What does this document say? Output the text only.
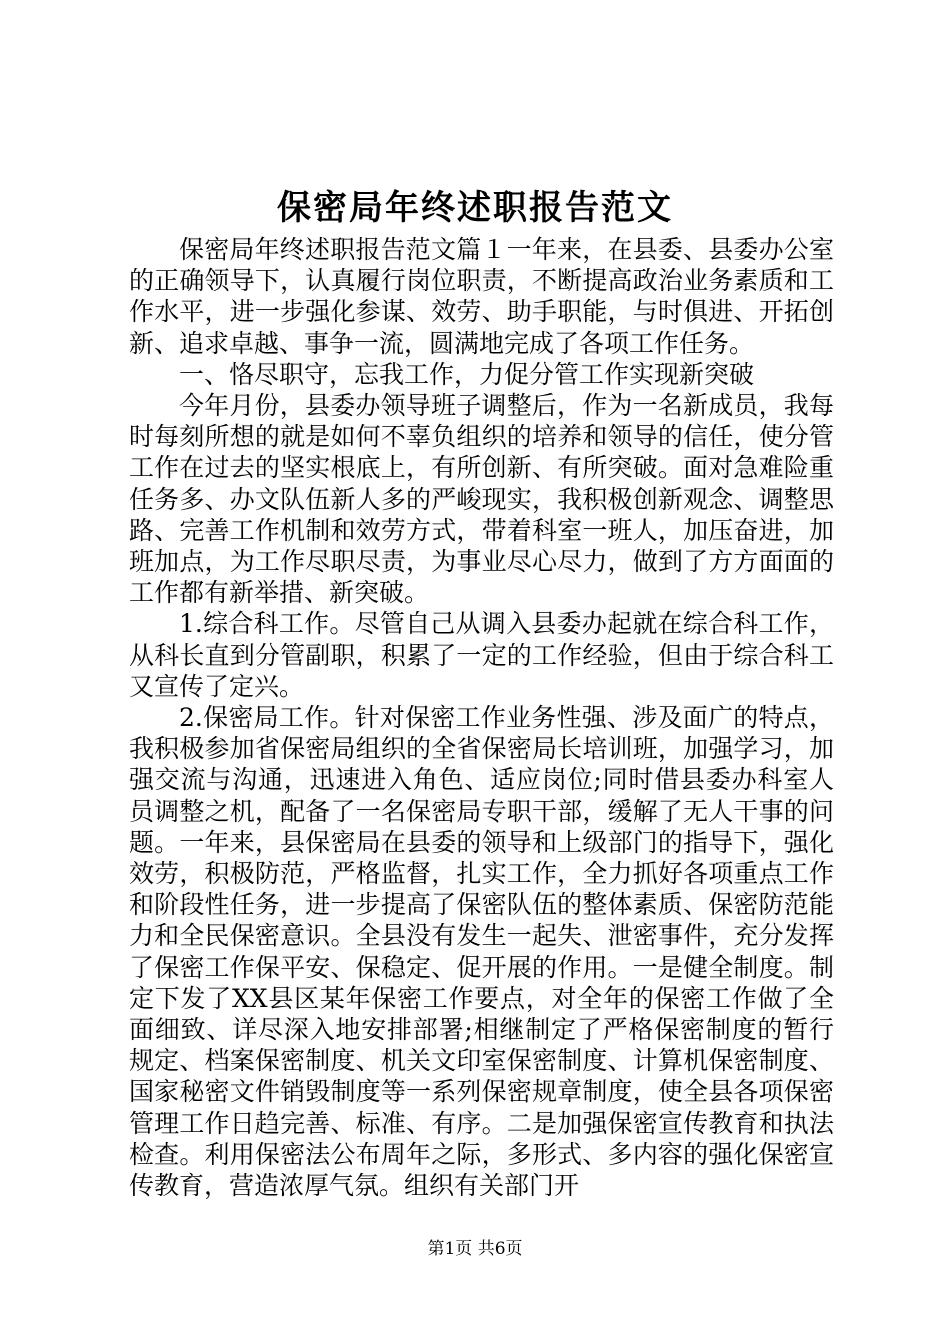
保密局年终述职报告范文

保密局年终述职报告范文篇１一年来，在县委、县委办公室的正确领导下，认真履行岗位职责，不断提高政治业务素质和工作水平，进一步强化参谋、效劳、助手职能，与时俱进、开拓创新、追求卓越、事争一流，圆满地完成了各项工作任务。

一、恪尽职守，忘我工作，力促分管工作实现新突破

今年月份，县委办领导班子调整后，作为一名新成员，我每时每刻所想的就是如何不辜负组织的培养和领导的信任，使分管工作在过去的坚实根底上，有所创新、有所突破。面对急难险重任务多、办文队伍新人多的严峻现实，我积极创新观念、调整思路、完善工作机制和效劳方式，带着科室一班人，加压奋进，加班加点，为工作尽职尽责，为事业尽心尽力，做到了方方面面的工作都有新举措、新突破。

1.综合科工作。尽管自己从调入县委办起就在综合科工作，从科长直到分管副职，积累了一定的工作经验，但由于综合科工又宣传了定兴。

2.保密局工作。针对保密工作业务性强、涉及面广的特点，我积极参加省保密局组织的全省保密局长培训班，加强学习，加强交流与沟通，迅速进入角色、适应岗位;同时借县委办科室人员调整之机，配备了一名保密局专职干部，缓解了无人干事的问题。一年来，县保密局在县委的领导和上级部门的指导下，强化效劳，积极防范，严格监督，扎实工作，全力抓好各项重点工作和阶段性任务，进一步提高了保密队伍的整体素质、保密防范能力和全民保密意识。全县没有发生一起失、泄密事件，充分发挥了保密工作保平安、保稳定、促开展的作用。一是健全制度。制定下发了XX县区某年保密工作要点，对全年的保密工作做了全面细致、详尽深入地安排部署;相继制定了严格保密制度的暂行规定、档案保密制度、机关文印室保密制度、计算机保密制度、国家秘密文件销毁制度等一系列保密规章制度，使全县各项保密管理工作日趋完善、标准、有序。二是加强保密宣传教育和执法检查。利用保密法公布周年之际，多形式、多内容的强化保密宣传教育，营造浓厚气氛。组织有关部门开

第1页 共6页
